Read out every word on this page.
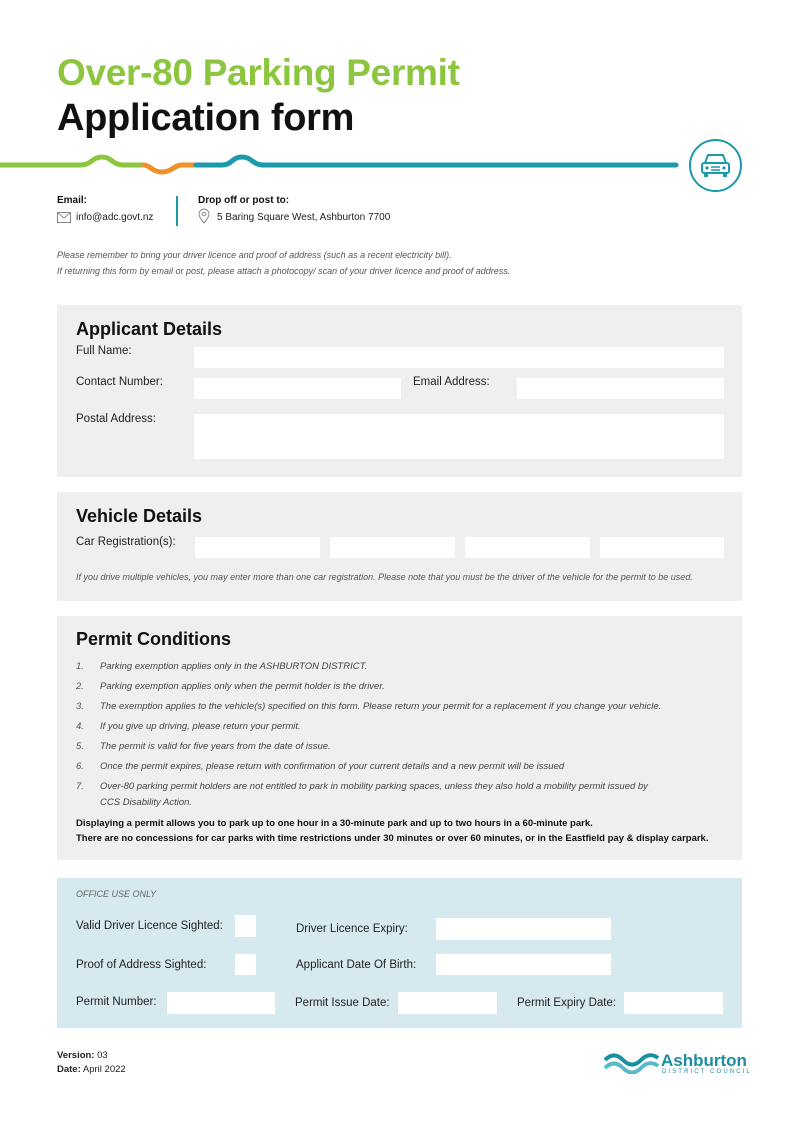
Over-80 Parking Permit
Application form
Email:
info@adc.govt.nz
Drop off or post to:
5 Baring Square West, Ashburton 7700
Please remember to bring your driver licence and proof of address (such as a recent electricity bill).
If returning this form by email or post, please attach a photocopy/ scan of your driver licence and proof of address.
Applicant Details
Full Name:
Contact Number:	Email Address:
Postal Address:
Vehicle Details
Car Registration(s):
If you drive multiple vehicles, you may enter more than one car registration. Please note that you must be the driver of the vehicle for the permit to be used.
Permit Conditions
1. Parking exemption applies only in the ASHBURTON DISTRICT.
2. Parking exemption applies only when the permit holder is the driver.
3. The exemption applies to the vehicle(s) specified on this form. Please return your permit for a replacement if you change your vehicle.
4. If you give up driving, please return your permit.
5. The permit is valid for five years from the date of issue.
6. Once the permit expires, please return with confirmation of your current details and a new permit will be issued
7. Over-80 parking permit holders are not entitled to park in mobility parking spaces, unless they also hold a mobility permit issued by
CCS Disability Action.
Displaying a permit allows you to park up to one hour in a 30-minute park and up to two hours in a 60-minute park.
There are no concessions for car parks with time restrictions under 30 minutes or over 60 minutes, or in the Eastfield pay & display carpark.
OFFICE USE ONLY
Valid Driver Licence Sighted:	Driver Licence Expiry:
Proof of Address Sighted:	Applicant Date Of Birth:
Permit Number:	Permit Issue Date:	Permit Expiry Date:
Version: 03
Date: April 2022	Ashburton
DISTRICT COUNCIL
